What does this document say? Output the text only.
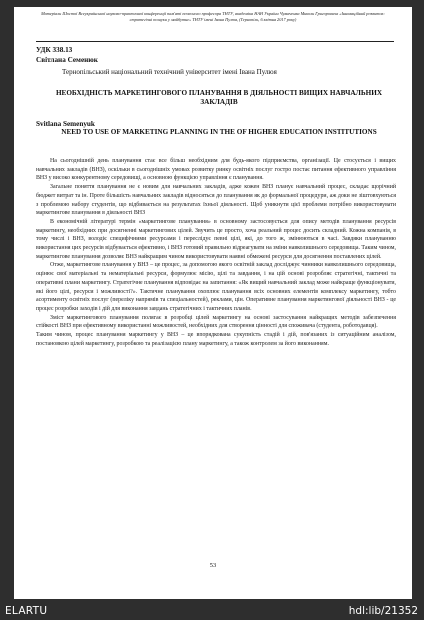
Матеріали Шостої Всеукраїнської науково-практичної конференції пам'яті почесного професора ТНТУ, академіка НАН України Чумаченка Миколи Григоровича «Інноваційний розвиток: стратегічні пошуки у майбутнє» ТНТУ імені Івана Пулюя, (Тернопіль, 6 квітня 2017 року)
УДК 338.13
Світлана Семенюк
Тернопільський національний технічний університет імені Івана Пулюя
НЕОБХІДНІСТЬ МАРКЕТИНГОВОГО ПЛАНУВАННЯ В ДІЯЛЬНОСТІ ВИЩИХ НАВЧАЛЬНИХ ЗАКЛАДІВ
Svitlana Semenyuk
NEED TO USE OF MARKETING PLANNING IN THE OF HIGHER EDUCATION INSTITUTIONS

На сьогоднішній день планування стає все більш необхідним для будь-якого підприємства, організації. Це стосується і вищих навчальних закладів (ВНЗ), оскільки в сьогоднішніх умовах розвитку ринку освітніх послуг гостро постає питання ефективного управління ВНЗ у високо конкурентному середовищі, а основною функцією управління є планування.

Загальне поняття планування не є новим для навчальних закладів, адже кожен ВНЗ планує навчальний процес, складає щорічний бюджет витрат та ін. Проте більшість навчальних закладів відносяться до планування як до формальної процедури, аж доки не зіштовхуються з проблемою набору студентів, що відбивається на результатах їхньої діяльності. Щоб уникнути цієї проблеми потрібно використовувати маркетингове планування в діяльності ВНЗ

В економічній літературі термін «маркетингове планування» в основному застосовується для опису методів планування ресурсів маркетингу, необхідних при досягненні маркетингових цілей. Звучить це просто, хоча реальний процес досить складний. Кожна компанія, в тому числі і ВНЗ, володіє специфічними ресурсами і переслідує певні цілі, які, до того ж, змінюються в часі. Завдяки плануванню використання цих ресурсів відбувається ефективно, і ВНЗ готовий правильно відреагувати на зміни навколишнього середовища. Таким чином, маркетингове планування дозволяє ВНЗ найкращим чином використовувати наявні обмежені ресурси для досягнення поставлених цілей.

Отже, маркетингове планування у ВНЗ – це процес, за допомогою якого освітній заклад досліджує чинники навколишнього середовища, оцінює свої матеріальні та нематеріальні ресурси, формулює місію, цілі та завдання, і на цій основі розробляє стратегічні, тактичні та оперативні плани маркетингу. Стратегічне планування відповідає на запитання: «Як вищий навчальний заклад може найкраще функціонувати, які його цілі, ресурси і можливості?». Тактичне планування охоплює планування всіх основних елементів комплексу маркетингу, тобто асортименту освітніх послуг (переліку напрямів та спеціальностей), реклами, цін. Оперативне планування маркетингової діяльності ВНЗ - це процес розробки заходів і дій для виконання завдань стратегічних і тактичних планів.

Зміст маркетингового планування полягає в розробці цілей маркетингу на основі застосування найкращих методів забезпечення стійкості ВНЗ при ефективному використанні можливостей, необхідних для створення цінності для споживача (студента, роботодавця).

Таким чином, процес планування маркетингу у ВНЗ – це впорядкована сукупність стадій і дій, пов'язаних із ситуаційним аналізом, постановкою цілей маркетингу, розробкою та реалізацією плану маркетингу, а також контролем за його виконанням.

53
ELARTU	hdl:lib/21352
